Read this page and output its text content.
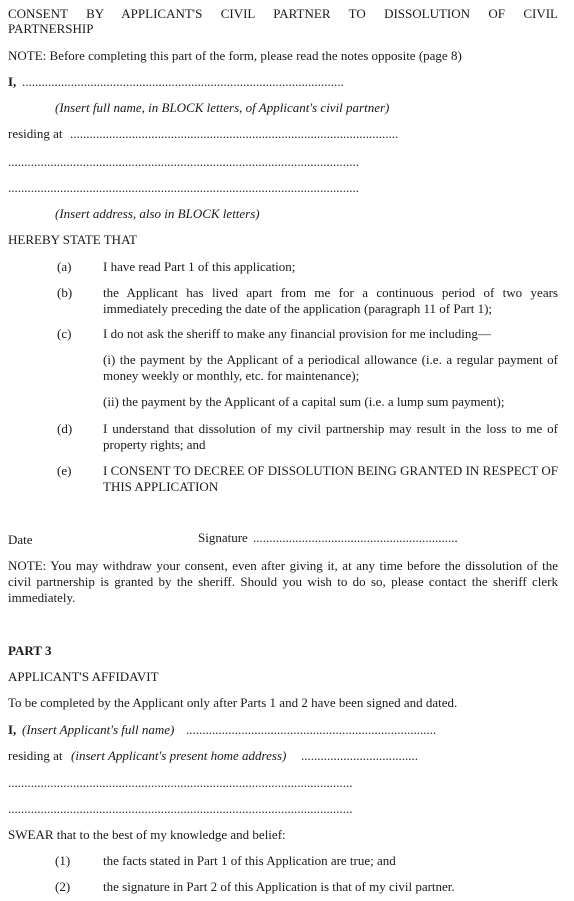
CONSENT BY APPLICANT'S CIVIL PARTNER TO DISSOLUTION OF CIVIL
PARTNERSHIP
NOTE: Before completing this part of the form, please read the notes opposite (page 8)
I, ...................................................................................................
(Insert full name, in BLOCK letters, of Applicant's civil partner)
residing at .....................................................................................................
............................................................................................................
............................................................................................................
(Insert address, also in BLOCK letters)
HEREBY STATE THAT
(a) I have read Part 1 of this application;
(b) the Applicant has lived apart from me for a continuous period of two years immediately preceding the date of the application (paragraph 11 of Part 1);
(c) I do not ask the sheriff to make any financial provision for me including—
(i) the payment by the Applicant of a periodical allowance (i.e. a regular payment of money weekly or monthly, etc. for maintenance);
(ii) the payment by the Applicant of a capital sum (i.e. a lump sum payment);
(d) I understand that dissolution of my civil partnership may result in the loss to me of property rights; and
(e) I CONSENT TO DECREE OF DISSOLUTION BEING GRANTED IN RESPECT OF THIS APPLICATION
Date	Signature ...............................................................
NOTE: You may withdraw your consent, even after giving it, at any time before the dissolution of the civil partnership is granted by the sheriff. Should you wish to do so, please contact the sheriff clerk immediately.
PART 3
APPLICANT'S AFFIDAVIT
To be completed by the Applicant only after Parts 1 and 2 have been signed and dated.
I, (Insert Applicant's full name) .............................................................................
residing at (insert Applicant's present home address) ....................................
..........................................................................................................
..........................................................................................................
SWEAR that to the best of my knowledge and belief:
(1)	the facts stated in Part 1 of this Application are true; and
(2)	the signature in Part 2 of this Application is that of my civil partner.
